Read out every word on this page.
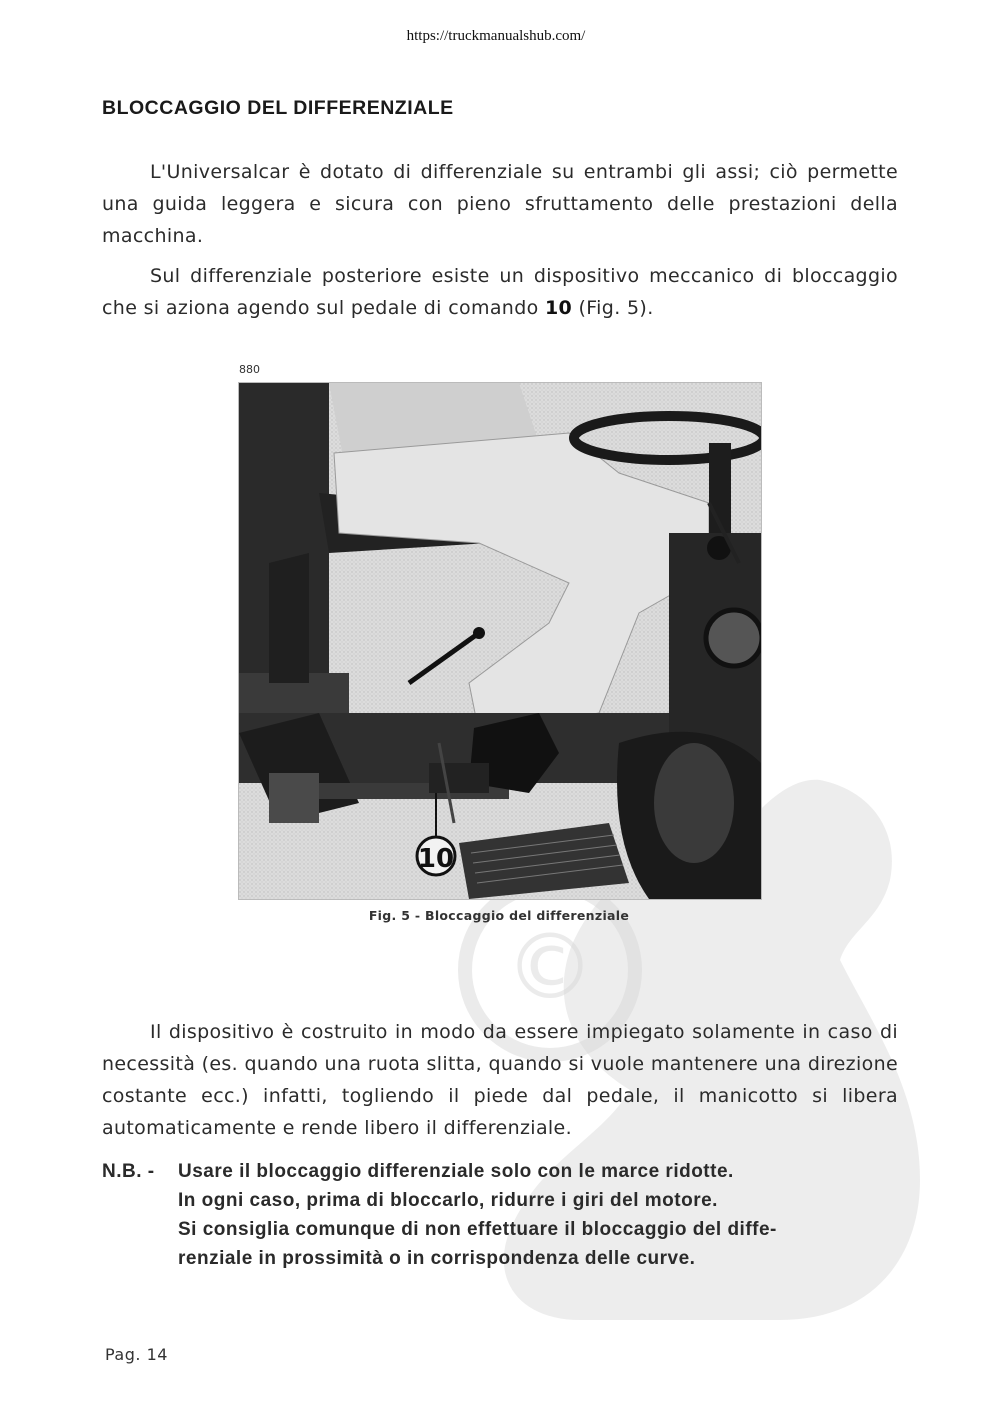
©
https://truckmanualshub.com/
BLOCCAGGIO DEL DIFFERENZIALE

L'Universalcar è dotato di differenziale su entrambi gli assi; ciò permette una guida leggera e sicura con pieno sfruttamento delle prestazioni della macchina.

Sul differenziale posteriore esiste un dispositivo meccanico di bloccaggio che si aziona agendo sul pedale di comando 10 (Fig. 5).

880
10
Fig. 5 - Bloccaggio del differenziale

Il dispositivo è costruito in modo da essere impiegato solamente in caso di necessità (es. quando una ruota slitta, quando si vuole mantenere una direzione costante ecc.) infatti, togliendo il piede dal pedale, il manicotto si libera automaticamente e rende libero il differenziale.

N.B. - Usare il bloccaggio differenziale solo con le marce ridotte.
In ogni caso, prima di bloccarlo, ridurre i giri del motore.
Si consiglia comunque di non effettuare il bloccaggio del diffe-
renziale in prossimità o in corrispondenza delle curve.
Pag. 14
